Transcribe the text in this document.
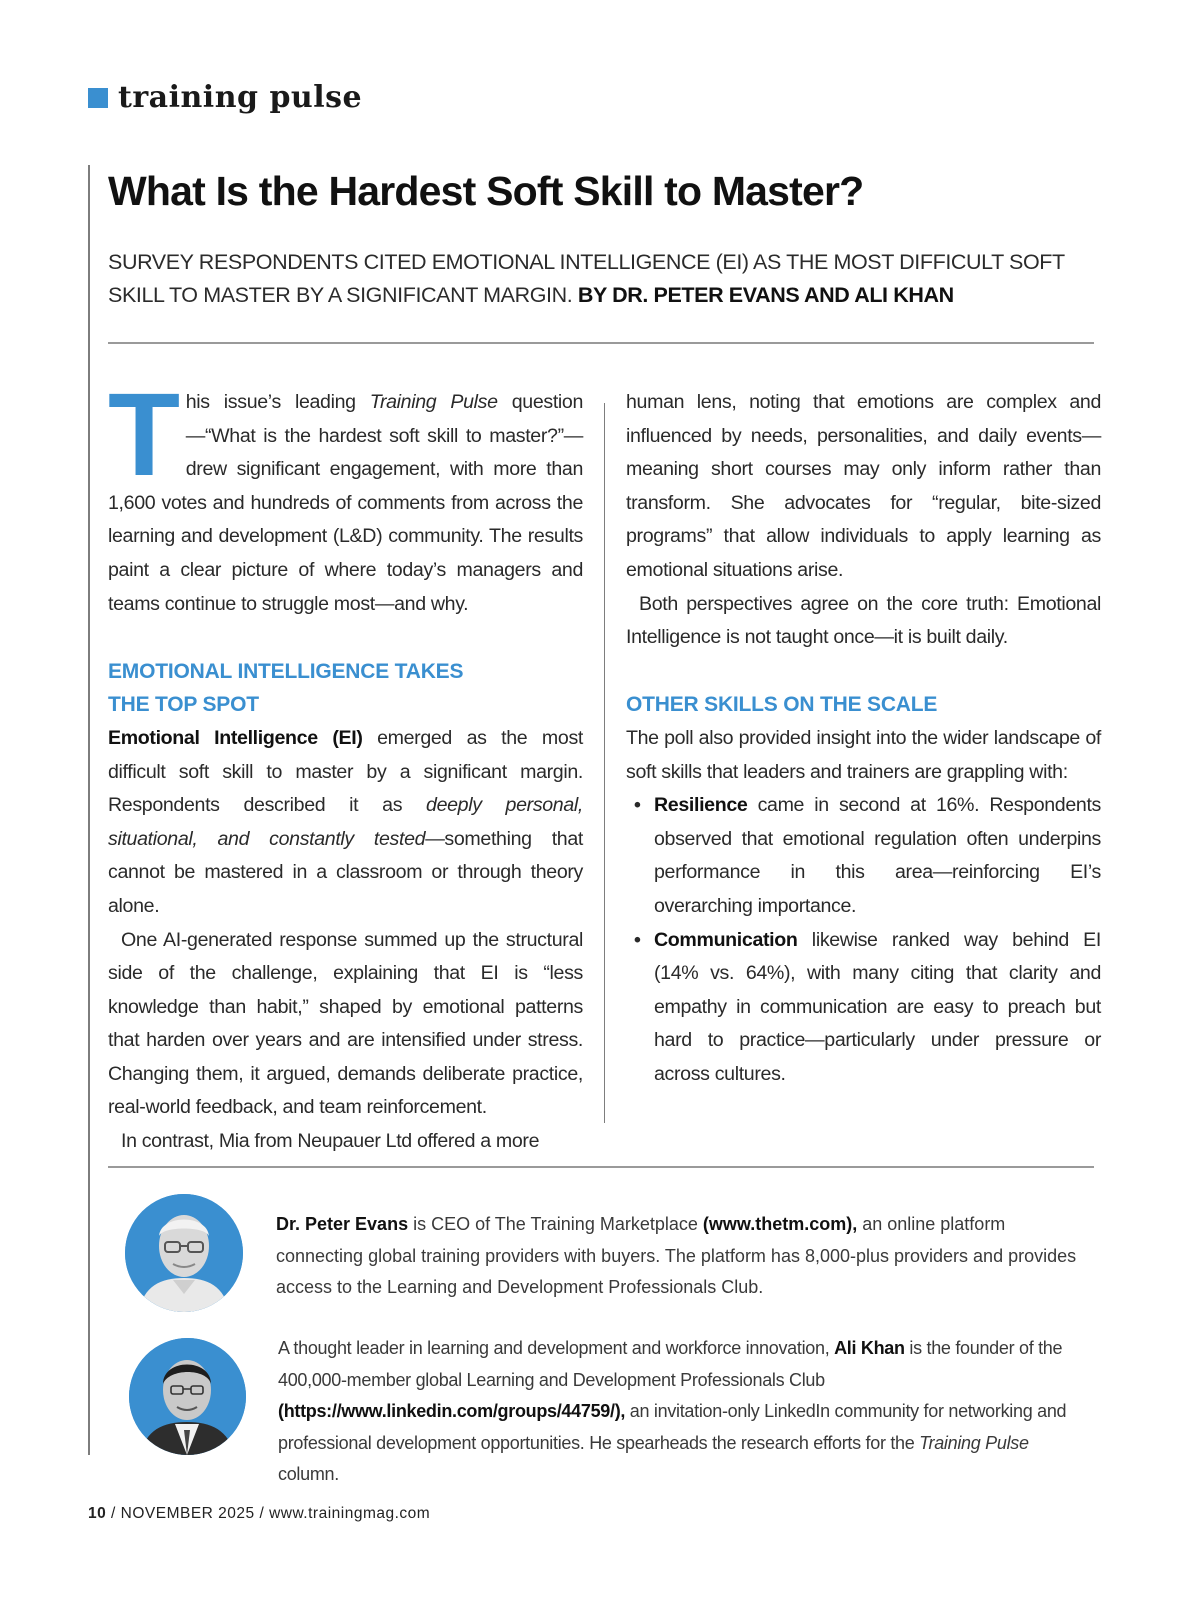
training pulse
What Is the Hardest Soft Skill to Master?

SURVEY RESPONDENTS CITED EMOTIONAL INTELLIGENCE (EI) AS THE MOST DIFFICULT SOFT SKILL TO MASTER BY A SIGNIFICANT MARGIN. BY DR. PETER EVANS AND ALI KHAN

This issue’s leading Training Pulse question —“What is the hardest soft skill to master?”— drew significant engagement, with more than 1,600 votes and hundreds of comments from across the learning and development (L&D) community. The results paint a clear picture of where today’s managers and teams continue to struggle most—and why.

EMOTIONAL INTELLIGENCE TAKES THE TOP SPOT

Emotional Intelligence (EI) emerged as the most difficult soft skill to master by a significant margin. Respondents described it as deeply personal, situational, and constantly tested—something that cannot be mastered in a classroom or through theory alone.

One AI-generated response summed up the structural side of the challenge, explaining that EI is “less knowledge than habit,” shaped by emotional patterns that harden over years and are intensified under stress. Changing them, it argued, demands deliberate practice, real-world feedback, and team reinforcement.

In contrast, Mia from Neupauer Ltd offered a more

human lens, noting that emotions are complex and influenced by needs, personalities, and daily events—meaning short courses may only inform rather than transform. She advocates for “regular, bite-sized programs” that allow individuals to apply learning as emotional situations arise.

Both perspectives agree on the core truth: Emotional Intelligence is not taught once—it is built daily.

OTHER SKILLS ON THE SCALE

The poll also provided insight into the wider landscape of soft skills that leaders and trainers are grappling with:

• Resilience came in second at 16%. Respondents observed that emotional regulation often underpins performance in this area—reinforcing EI’s overarching importance.
• Communication likewise ranked way behind EI (14% vs. 64%), with many citing that clarity and empathy in communication are easy to preach but hard to practice—particularly under pressure or across cultures.

Dr. Peter Evans is CEO of The Training Marketplace (www.thetm.com), an online platform connecting global training providers with buyers. The platform has 8,000-plus providers and provides access to the Learning and Development Professionals Club.

A thought leader in learning and development and workforce innovation, Ali Khan is the founder of the 400,000-member global Learning and Development Professionals Club (https://www.linkedin.com/groups/44759/), an invitation-only LinkedIn community for networking and professional development opportunities. He spearheads the research efforts for the Training Pulse column.

10 / NOVEMBER 2025 / www.trainingmag.com
